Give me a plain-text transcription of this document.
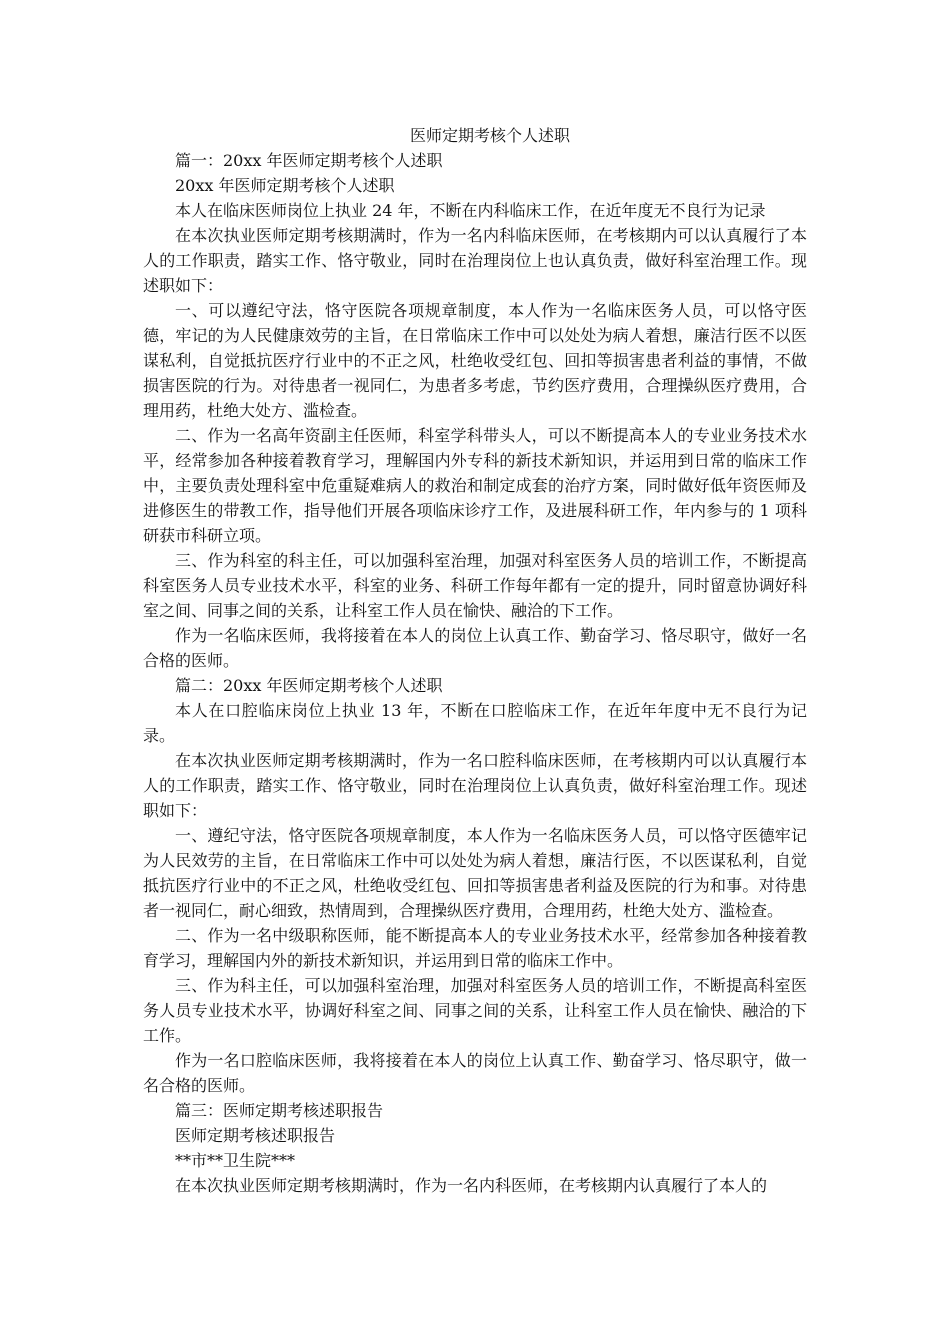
医师定期考核个人述职

篇一：20xx 年医师定期考核个人述职

20xx 年医师定期考核个人述职

本人在临床医师岗位上执业 24 年，不断在内科临床工作，在近年度无不良行为记录

在本次执业医师定期考核期满时，作为一名内科临床医师，在考核期内可以认真履行了本人的工作职责，踏实工作、恪守敬业，同时在治理岗位上也认真负责，做好科室治理工作。现述职如下：

一、可以遵纪守法，恪守医院各项规章制度，本人作为一名临床医务人员，可以恪守医德，牢记的为人民健康效劳的主旨，在日常临床工作中可以处处为病人着想，廉洁行医不以医谋私利，自觉抵抗医疗行业中的不正之风，杜绝收受红包、回扣等损害患者利益的事情，不做损害医院的行为。对待患者一视同仁，为患者多考虑，节约医疗费用，合理操纵医疗费用，合理用药，杜绝大处方、滥检查。

二、作为一名高年资副主任医师，科室学科带头人，可以不断提高本人的专业业务技术水平，经常参加各种接着教育学习，理解国内外专科的新技术新知识，并运用到日常的临床工作中，主要负责处理科室中危重疑难病人的救治和制定成套的治疗方案，同时做好低年资医师及进修医生的带教工作，指导他们开展各项临床诊疗工作，及进展科研工作，年内参与的 1 项科研获市科研立项。

三、作为科室的科主任，可以加强科室治理，加强对科室医务人员的培训工作，不断提高科室医务人员专业技术水平，科室的业务、科研工作每年都有一定的提升，同时留意协调好科室之间、同事之间的关系，让科室工作人员在愉快、融洽的下工作。

作为一名临床医师，我将接着在本人的岗位上认真工作、勤奋学习、恪尽职守，做好一名合格的医师。

篇二：20xx 年医师定期考核个人述职

本人在口腔临床岗位上执业 13 年，不断在口腔临床工作，在近年年度中无不良行为记录。

在本次执业医师定期考核期满时，作为一名口腔科临床医师，在考核期内可以认真履行本人的工作职责，踏实工作、恪守敬业，同时在治理岗位上认真负责，做好科室治理工作。现述职如下：

一、遵纪守法，恪守医院各项规章制度，本人作为一名临床医务人员，可以恪守医德牢记为人民效劳的主旨，在日常临床工作中可以处处为病人着想，廉洁行医，不以医谋私利，自觉抵抗医疗行业中的不正之风，杜绝收受红包、回扣等损害患者利益及医院的行为和事。对待患者一视同仁，耐心细致，热情周到，合理操纵医疗费用，合理用药，杜绝大处方、滥检查。

二、作为一名中级职称医师，能不断提高本人的专业业务技术水平，经常参加各种接着教育学习，理解国内外的新技术新知识，并运用到日常的临床工作中。

三、作为科主任，可以加强科室治理，加强对科室医务人员的培训工作，不断提高科室医务人员专业技术水平，协调好科室之间、同事之间的关系，让科室工作人员在愉快、融洽的下工作。

作为一名口腔临床医师，我将接着在本人的岗位上认真工作、勤奋学习、恪尽职守，做一名合格的医师。

篇三：医师定期考核述职报告

医师定期考核述职报告

**市**卫生院***

在本次执业医师定期考核期满时，作为一名内科医师，在考核期内认真履行了本人的
